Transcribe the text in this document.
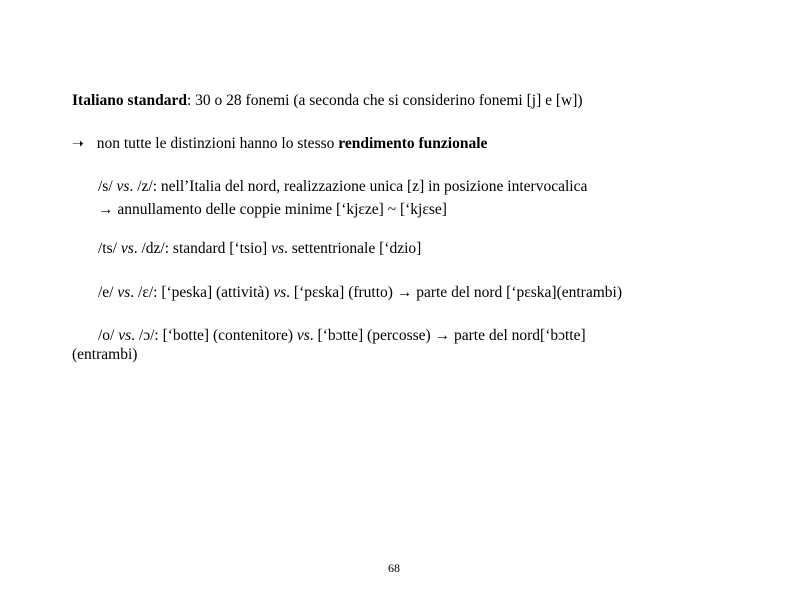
Italiano standard: 30 o 28 fonemi (a seconda che si considerino fonemi [j] e [w])
➝ non tutte le distinzioni hanno lo stesso rendimento funzionale
/s/ vs. /z/: nell’Italia del nord, realizzazione unica [z] in posizione intervocalica
→ annullamento delle coppie minime [‘kjɛze] ~ [‘kjɛse]
/ts/ vs. /dz/: standard [‘tsio] vs. settentrionale [‘dzio]
/e/ vs. /ɛ/: [‘peska] (attività) vs. [‘pɛska] (frutto) → parte del nord [‘pɛska](entrambi)
/o/ vs. /ɔ/: [‘botte] (contenitore) vs. [‘bɔtte] (percosse) → parte del nord[‘bɔtte]
(entrambi)
68
